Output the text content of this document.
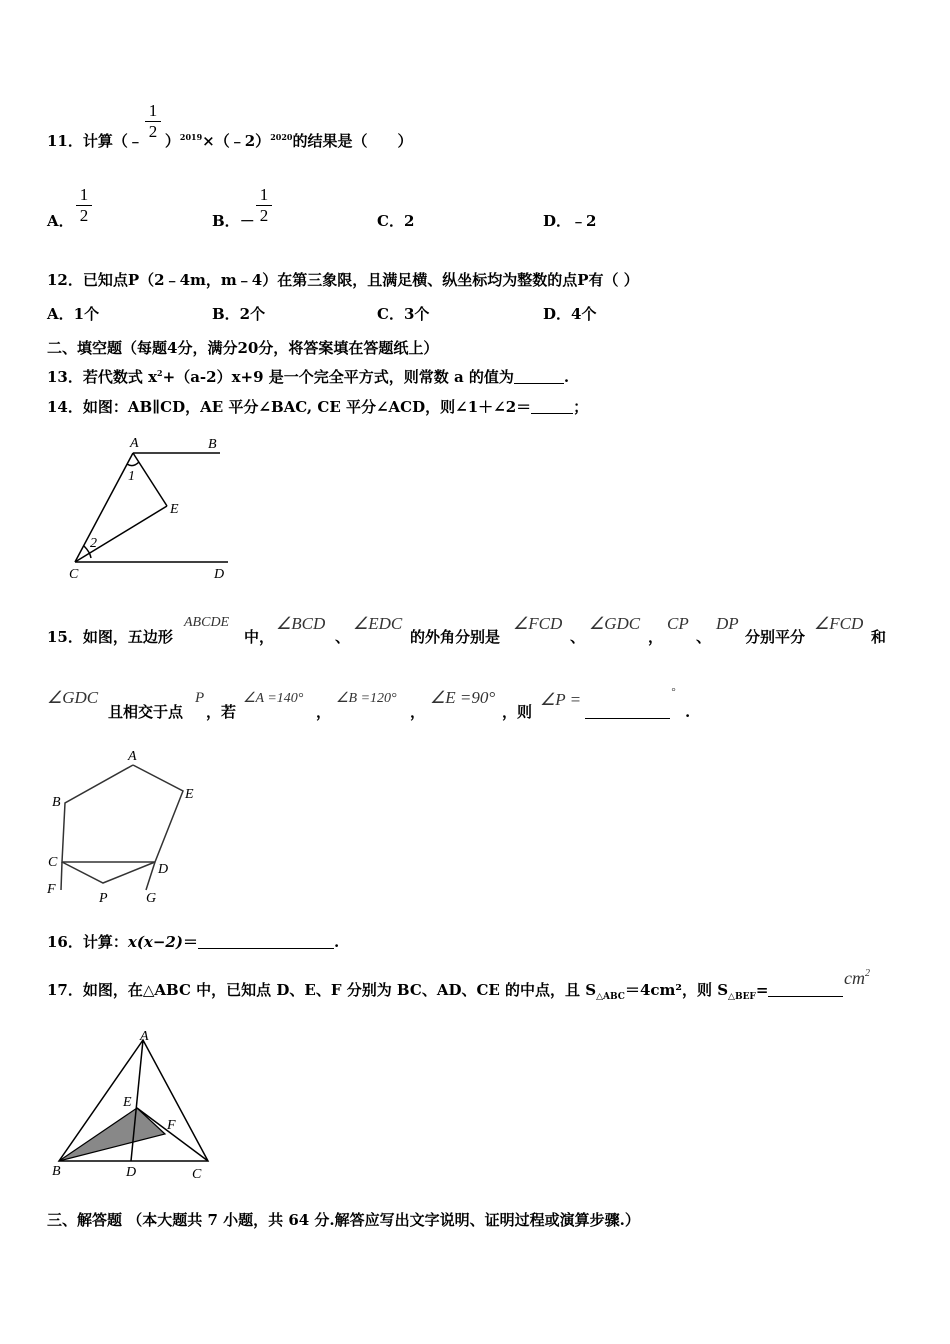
11．计算（﹣ ）$^{2019}$×（﹣2）$^{2020}$的结果是（　　）
$\frac{1}{2}$
A． $\frac{1}{2}$	B．－ $\frac{1}{2}$	C．2	D．﹣2
12．已知点P（2﹣4m，m﹣4）在第三象限，且满足横、纵坐标均为整数的点P有（ ）
A．1个	B．2个	C．3个	D．4个
二、填空题（每题4分，满分20分，将答案填在答题纸上）
13．若代数式 $x^2+(a-2)x+9$ 是一个完全平方式，则常数 a 的值为	.
14．如图：AB∥CD，AE 平分∠BAC, CE 平分∠ACD，则∠1＋∠2＝	；
A	B
C	D
E
1
2
15．如图，五边形
ABCDE
中，
∠BCD
、
∠EDC
的外角分别是
∠FCD
、
∠GDC
，
CP
、
DP
分别平分
∠FCD
和
∠GDC
且相交于点
P
，若
∠A =140°
，
∠B =120°
，
∠E =90°
，则
∠P =	°
.
A
B
C	D
E
F
G
P
16．计算：x(x−2)＝	.
17．如图，在△ABC 中，已知点 D、E、F 分别为 BC、AD、CE 的中点，且 $S_{\triangle ABC}=4cm^2$，则 $S_{\triangle BEF}=$
$cm^2$
A
B	C
D
E
F
三、解答题 （本大题共 7 小题，共 64 分.解答应写出文字说明、证明过程或演算步骤.）
